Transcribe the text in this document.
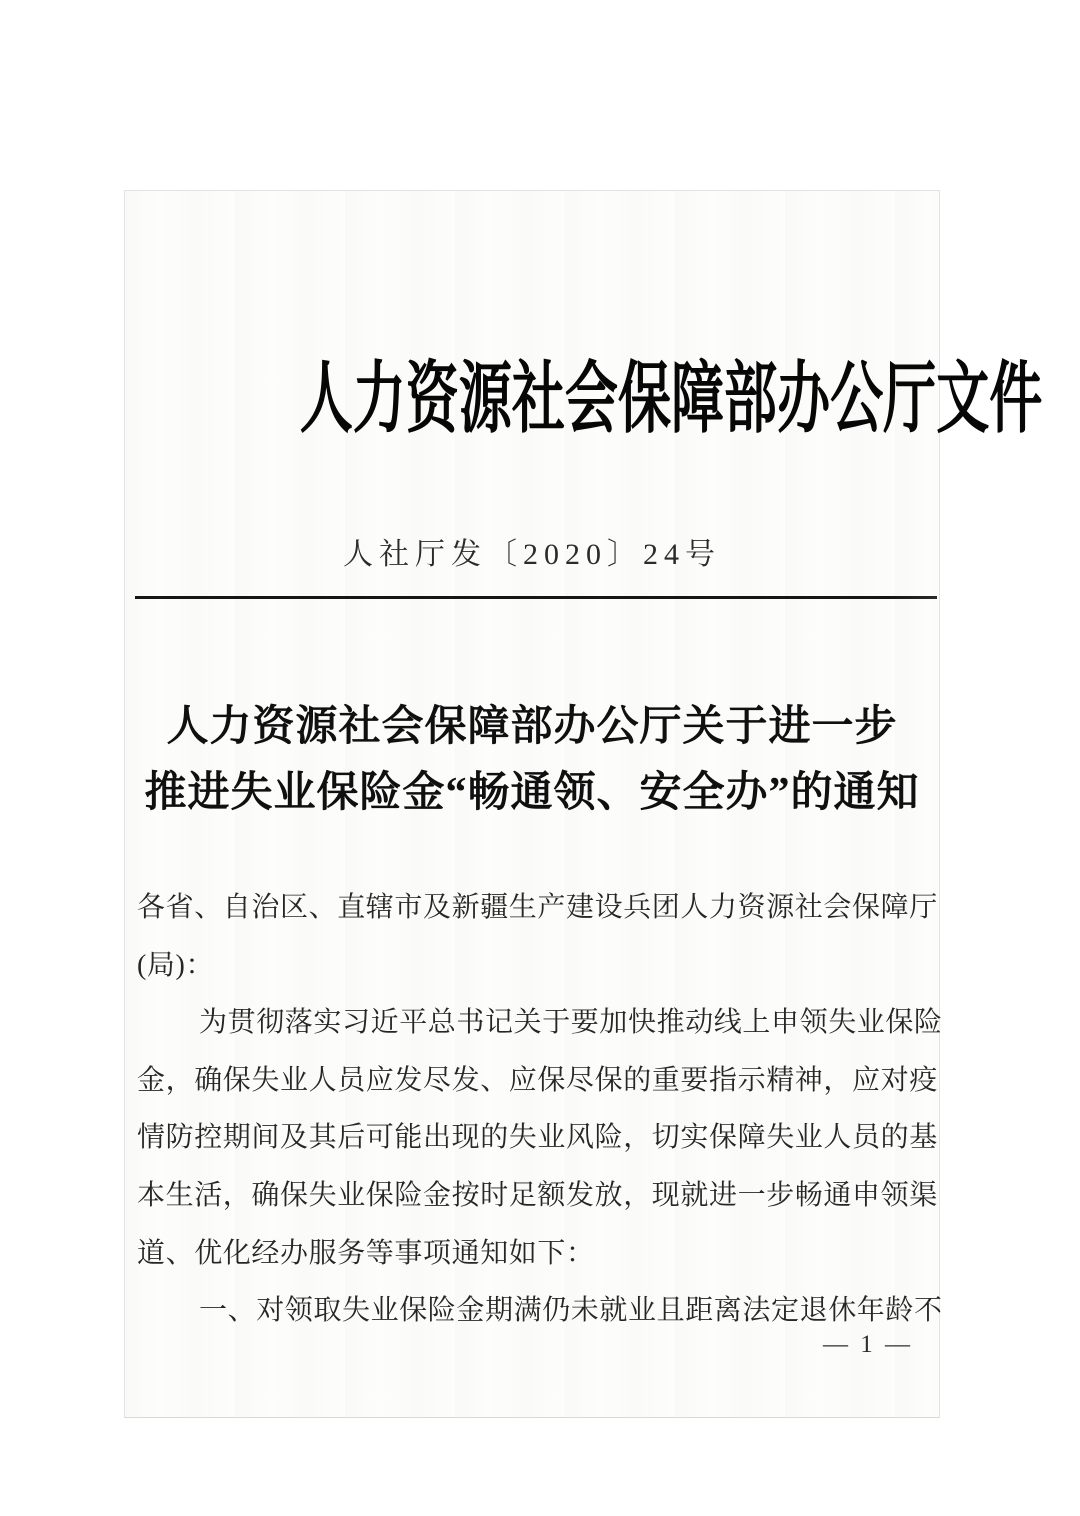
人力资源社会保障部办公厅文件
人社厅发〔2020〕24号
人力资源社会保障部办公厅关于进一步
推进失业保险金“畅通领、安全办”的通知
各省、自治区、直辖市及新疆生产建设兵团人力资源社会保障厅
(局)：
为贯彻落实习近平总书记关于要加快推动线上申领失业保险
金，确保失业人员应发尽发、应保尽保的重要指示精神，应对疫
情防控期间及其后可能出现的失业风险，切实保障失业人员的基
本生活，确保失业保险金按时足额发放，现就进一步畅通申领渠
道、优化经办服务等事项通知如下：
一、对领取失业保险金期满仍未就业且距离法定退休年龄不
— 1 —
